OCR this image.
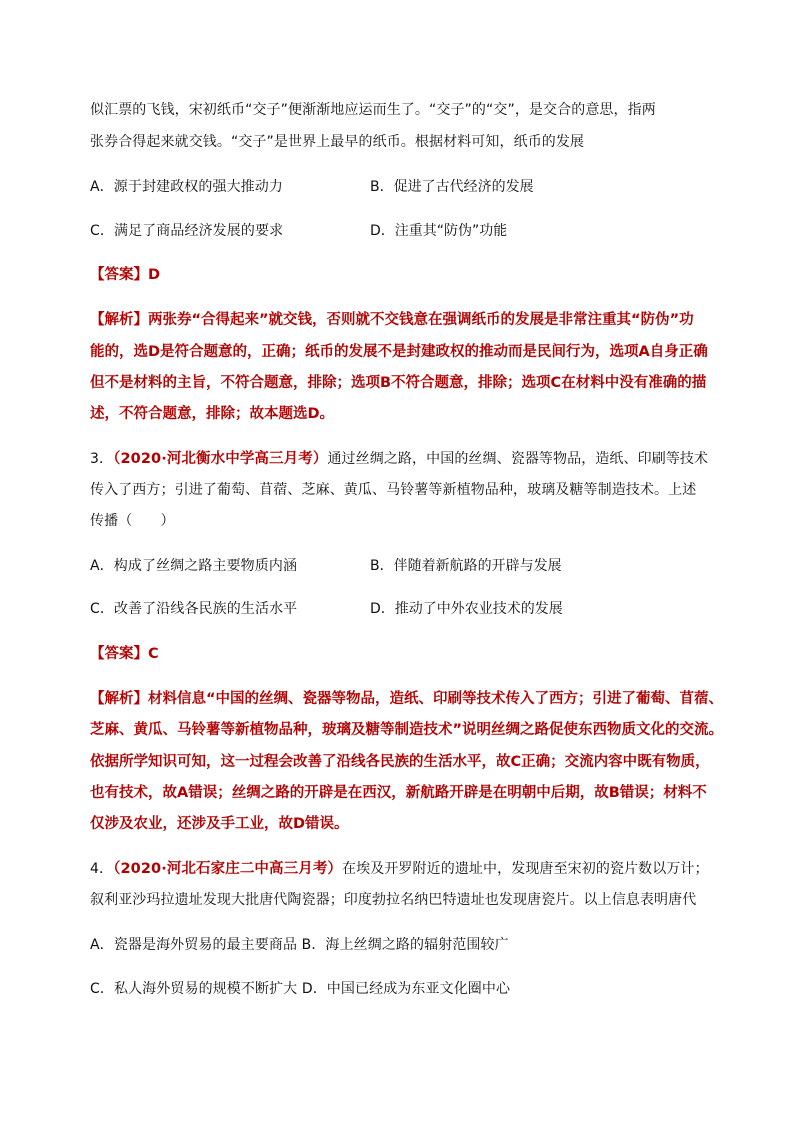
似汇票的飞钱，宋初纸币“交子”便渐渐地应运而生了。“交子”的“交”，是交合的意思，指两
张券合得起来就交钱。“交子”是世界上最早的纸币。根据材料可知，纸币的发展
A．源于封建政权的强大推动力	B．促进了古代经济的发展
C．满足了商品经济发展的要求	D．注重其“防伪”功能
【答案】D
【解析】两张券“合得起来”就交钱，否则就不交钱意在强调纸币的发展是非常注重其“防伪”功
能的，选D是符合题意的，正确；纸币的发展不是封建政权的推动而是民间行为，选项A自身正确
但不是材料的主旨，不符合题意，排除；选项B不符合题意，排除；选项C在材料中没有准确的描
述，不符合题意，排除；故本题选D。
3．（2020·河北衡水中学高三月考）通过丝绸之路，中国的丝绸、瓷器等物品，造纸、印刷等技术
传入了西方；引进了葡萄、苜蓿、芝麻、黄瓜、马铃薯等新植物品种，玻璃及糖等制造技术。上述
传播（　　）
A．构成了丝绸之路主要物质内涵	B．伴随着新航路的开辟与发展
C．改善了沿线各民族的生活水平	D．推动了中外农业技术的发展
【答案】C
【解析】材料信息“中国的丝绸、瓷器等物品，造纸、印刷等技术传入了西方；引进了葡萄、苜蓿、
芝麻、黄瓜、马铃薯等新植物品种，玻璃及糖等制造技术”说明丝绸之路促使东西物质文化的交流。
依据所学知识可知，这一过程会改善了沿线各民族的生活水平，故C正确；交流内容中既有物质，
也有技术，故A错误；丝绸之路的开辟是在西汉，新航路开辟是在明朝中后期，故B错误；材料不
仅涉及农业，还涉及手工业，故D错误。
4．（2020·河北石家庄二中高三月考）在埃及开罗附近的遗址中，发现唐至宋初的瓷片数以万计；
叙利亚沙玛拉遗址发现大批唐代陶瓷器；印度勃拉名纳巴特遗址也发现唐瓷片。以上信息表明唐代
A．瓷器是海外贸易的最主要商品 B．海上丝绸之路的辐射范围较广
C．私人海外贸易的规模不断扩大 D．中国已经成为东亚文化圈中心
